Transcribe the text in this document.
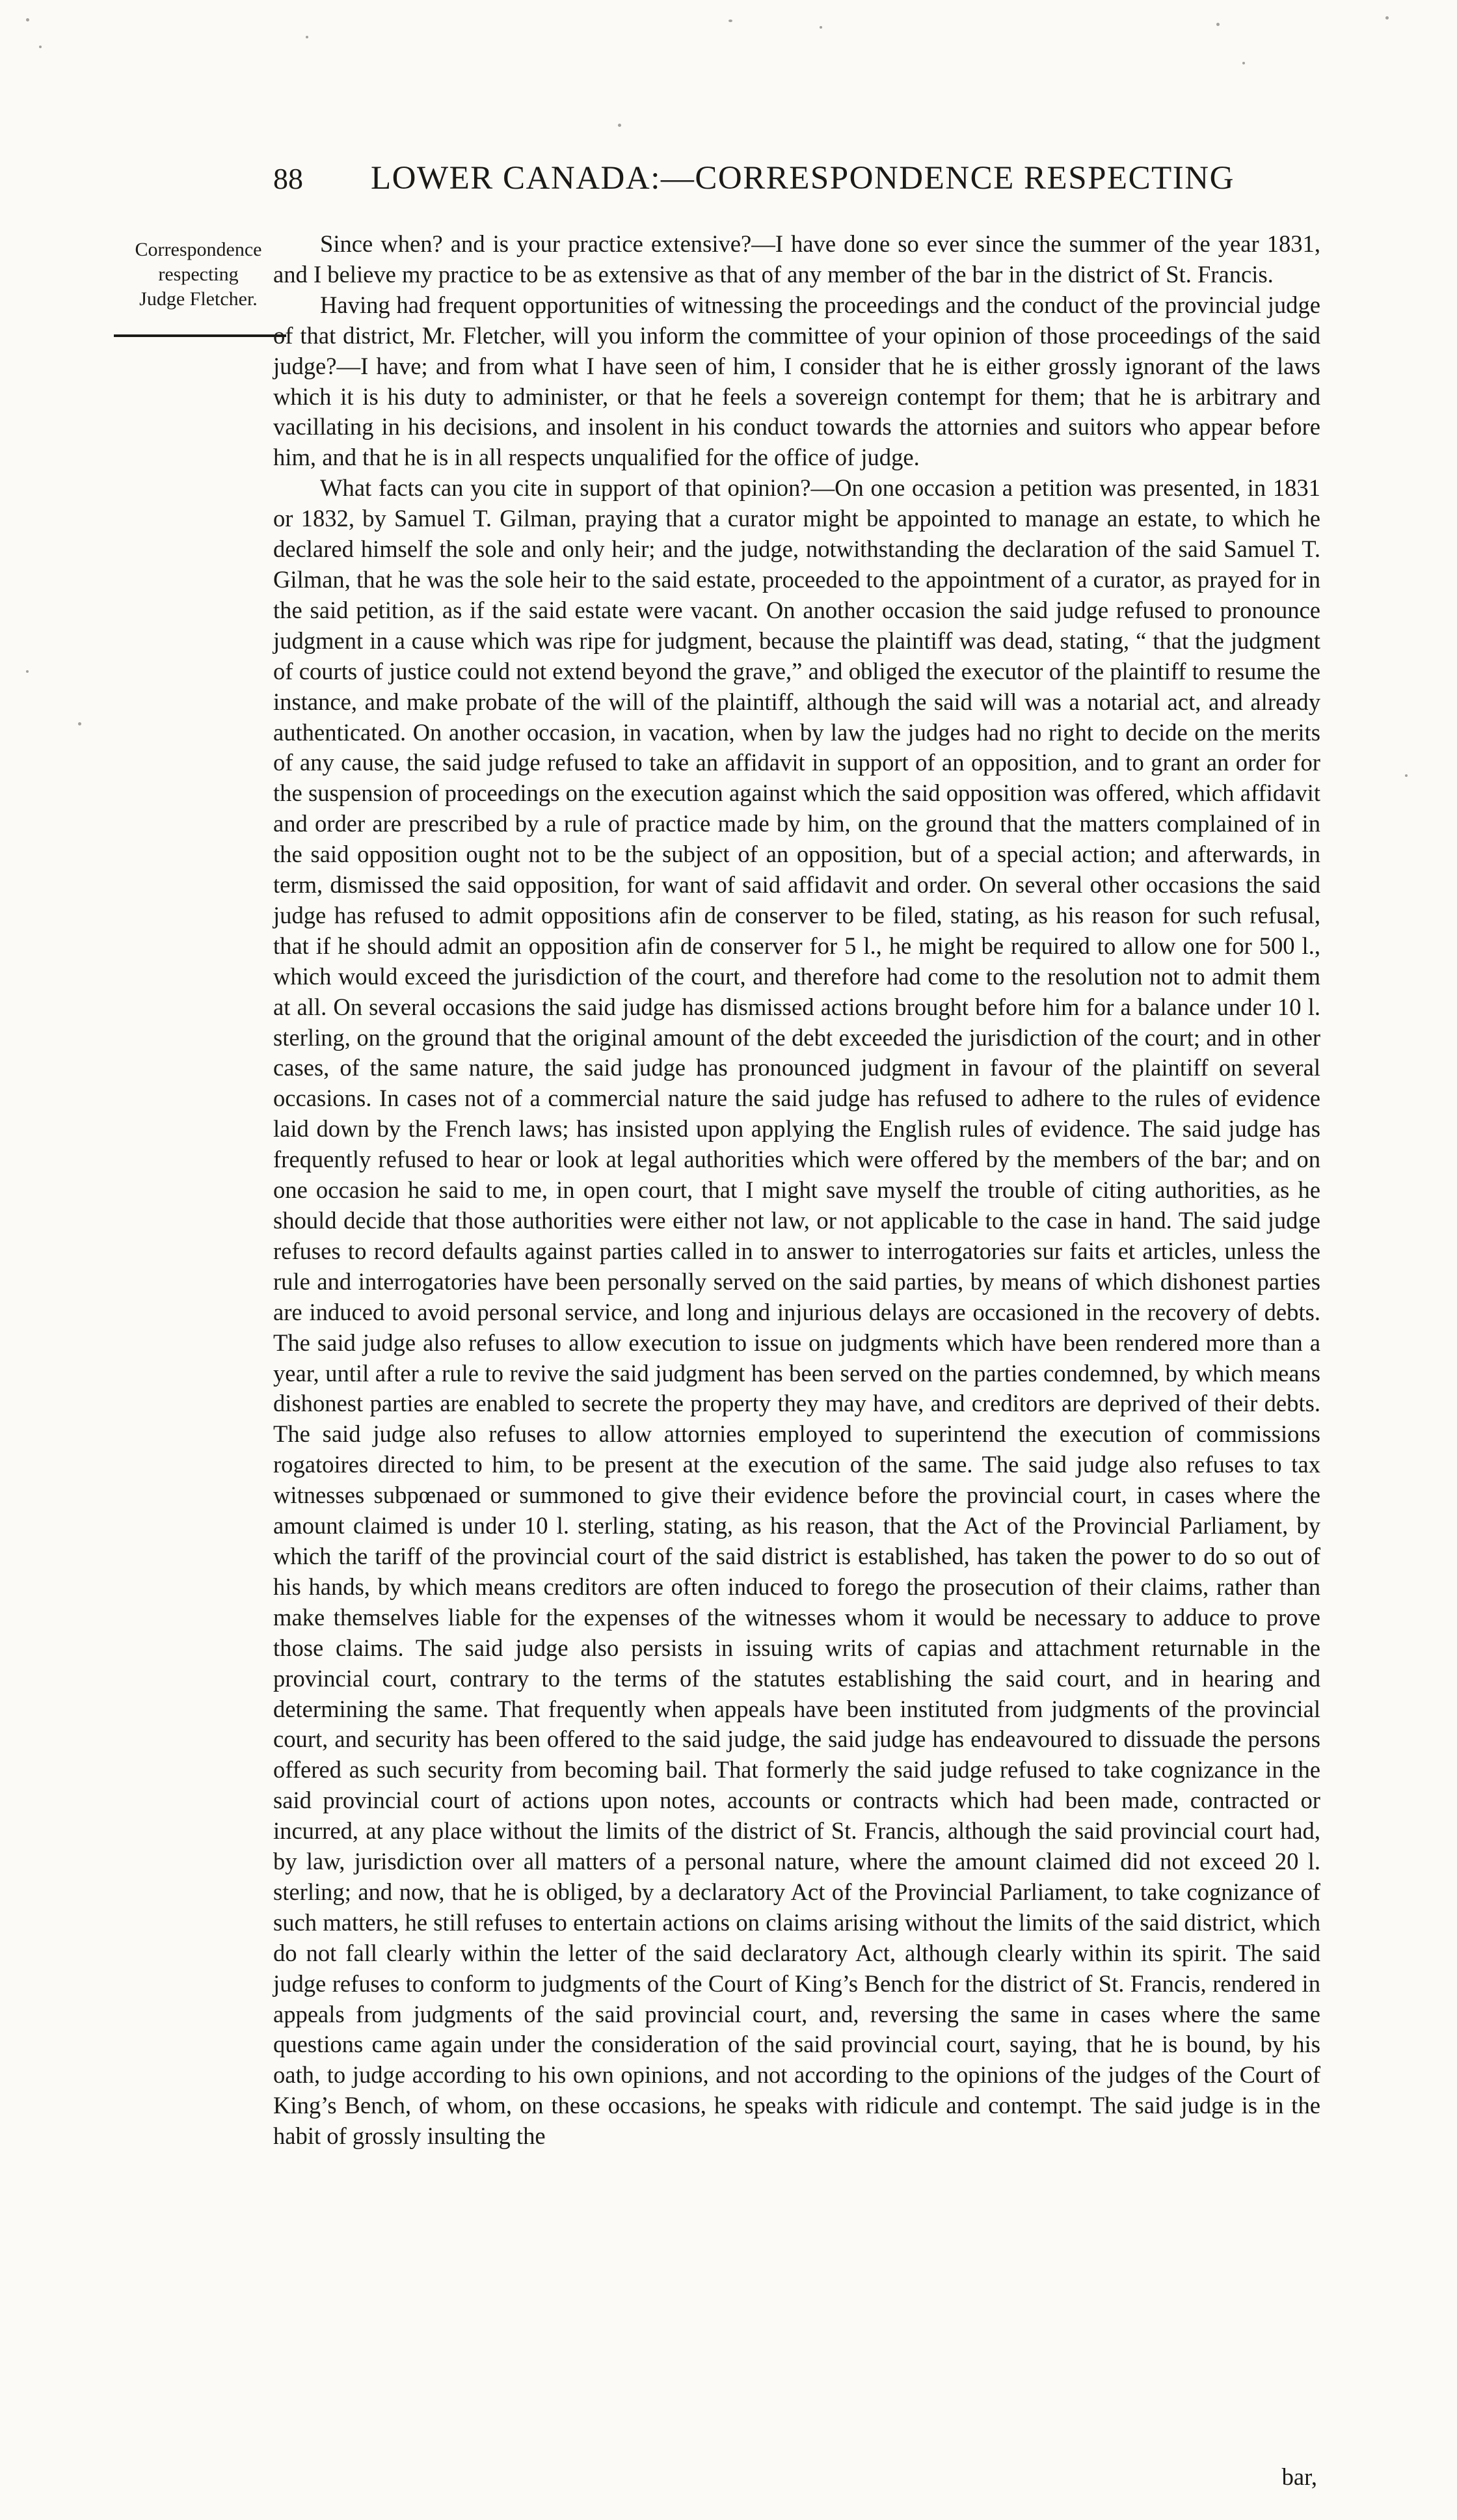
88	LOWER CANADA:—CORRESPONDENCE RESPECTING
Correspondence
respecting
Judge Fletcher.

Since when? and is your practice extensive?—I have done so ever since the summer of the year 1831, and I believe my practice to be as extensive as that of any member of the bar in the district of St. Francis.

Having had frequent opportunities of witnessing the proceedings and the conduct of the provincial judge of that district, Mr. Fletcher, will you inform the committee of your opinion of those proceedings of the said judge?—I have; and from what I have seen of him, I consider that he is either grossly ignorant of the laws which it is his duty to administer, or that he feels a sovereign contempt for them; that he is arbitrary and vacillating in his decisions, and insolent in his conduct towards the attornies and suitors who appear before him, and that he is in all respects unqualified for the office of judge.

What facts can you cite in support of that opinion?—On one occasion a petition was presented, in 1831 or 1832, by Samuel T. Gilman, praying that a curator might be appointed to manage an estate, to which he declared himself the sole and only heir; and the judge, notwithstanding the declaration of the said Samuel T. Gilman, that he was the sole heir to the said estate, proceeded to the appointment of a curator, as prayed for in the said petition, as if the said estate were vacant. On another occasion the said judge refused to pronounce judgment in a cause which was ripe for judgment, because the plaintiff was dead, stating, “ that the judgment of courts of justice could not extend beyond the grave,” and obliged the executor of the plaintiff to resume the instance, and make probate of the will of the plaintiff, although the said will was a notarial act, and already authenticated. On another occasion, in vacation, when by law the judges had no right to decide on the merits of any cause, the said judge refused to take an affidavit in support of an opposition, and to grant an order for the suspension of proceedings on the execution against which the said opposition was offered, which affidavit and order are prescribed by a rule of practice made by him, on the ground that the matters complained of in the said opposition ought not to be the subject of an opposition, but of a special action; and afterwards, in term, dismissed the said opposition, for want of said affidavit and order. On several other occasions the said judge has refused to admit oppositions afin de conserver to be filed, stating, as his reason for such refusal, that if he should admit an opposition afin de conserver for 5 l., he might be required to allow one for 500 l., which would exceed the jurisdiction of the court, and therefore had come to the resolution not to admit them at all. On several occasions the said judge has dismissed actions brought before him for a balance under 10 l. sterling, on the ground that the original amount of the debt exceeded the jurisdiction of the court; and in other cases, of the same nature, the said judge has pronounced judgment in favour of the plaintiff on several occasions. In cases not of a commercial nature the said judge has refused to adhere to the rules of evidence laid down by the French laws; has insisted upon applying the English rules of evidence. The said judge has frequently refused to hear or look at legal authorities which were offered by the members of the bar; and on one occasion he said to me, in open court, that I might save myself the trouble of citing authorities, as he should decide that those authorities were either not law, or not applicable to the case in hand. The said judge refuses to record defaults against parties called in to answer to interrogatories sur faits et articles, unless the rule and interrogatories have been personally served on the said parties, by means of which dishonest parties are induced to avoid personal service, and long and injurious delays are occasioned in the recovery of debts. The said judge also refuses to allow execution to issue on judgments which have been rendered more than a year, until after a rule to revive the said judgment has been served on the parties condemned, by which means dishonest parties are enabled to secrete the property they may have, and creditors are deprived of their debts. The said judge also refuses to allow attornies employed to superintend the execution of commissions rogatoires directed to him, to be present at the execution of the same. The said judge also refuses to tax witnesses subpœnaed or summoned to give their evidence before the provincial court, in cases where the amount claimed is under 10 l. sterling, stating, as his reason, that the Act of the Provincial Parliament, by which the tariff of the provincial court of the said district is established, has taken the power to do so out of his hands, by which means creditors are often induced to forego the prosecution of their claims, rather than make themselves liable for the expenses of the witnesses whom it would be necessary to adduce to prove those claims. The said judge also persists in issuing writs of capias and attachment returnable in the provincial court, contrary to the terms of the statutes establishing the said court, and in hearing and determining the same. That frequently when appeals have been instituted from judgments of the provincial court, and security has been offered to the said judge, the said judge has endeavoured to dissuade the persons offered as such security from becoming bail. That formerly the said judge refused to take cognizance in the said provincial court of actions upon notes, accounts or contracts which had been made, contracted or incurred, at any place without the limits of the district of St. Francis, although the said provincial court had, by law, jurisdiction over all matters of a personal nature, where the amount claimed did not exceed 20 l. sterling; and now, that he is obliged, by a declaratory Act of the Provincial Parliament, to take cognizance of such matters, he still refuses to entertain actions on claims arising without the limits of the said district, which do not fall clearly within the letter of the said declaratory Act, although clearly within its spirit. The said judge refuses to conform to judgments of the Court of King’s Bench for the district of St. Francis, rendered in appeals from judgments of the said provincial court, and, reversing the same in cases where the same questions came again under the consideration of the said provincial court, saying, that he is bound, by his oath, to judge according to his own opinions, and not according to the opinions of the judges of the Court of King’s Bench, of whom, on these occasions, he speaks with ridicule and contempt. The said judge is in the habit of grossly insulting the

bar,
